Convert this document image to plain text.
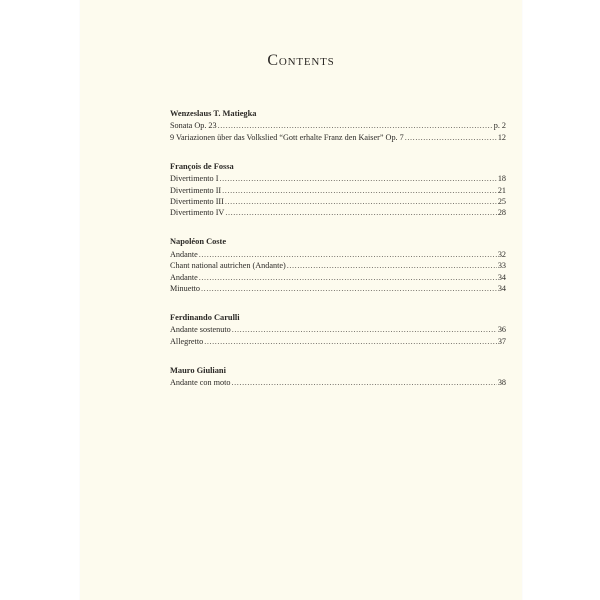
Contents
Wenzeslaus T. Matiegka
Sonata Op. 23 .....	p. 2
9 Variazionen über das Volkslied “Gott erhalte Franz den Kaiser” Op. 7 .....	12
François de Fossa
Divertimento I .....	18
Divertimento II .....	21
Divertimento III .....	25
Divertimento IV .....	28
Napoléon Coste
Andante .....	32
Chant national autrichen (Andante) .....	33
Andante .....	34
Minuetto .....	34
Ferdinando Carulli
Andante sostenuto .....	36
Allegretto .....	37
Mauro Giuliani
Andante con moto .....	38
